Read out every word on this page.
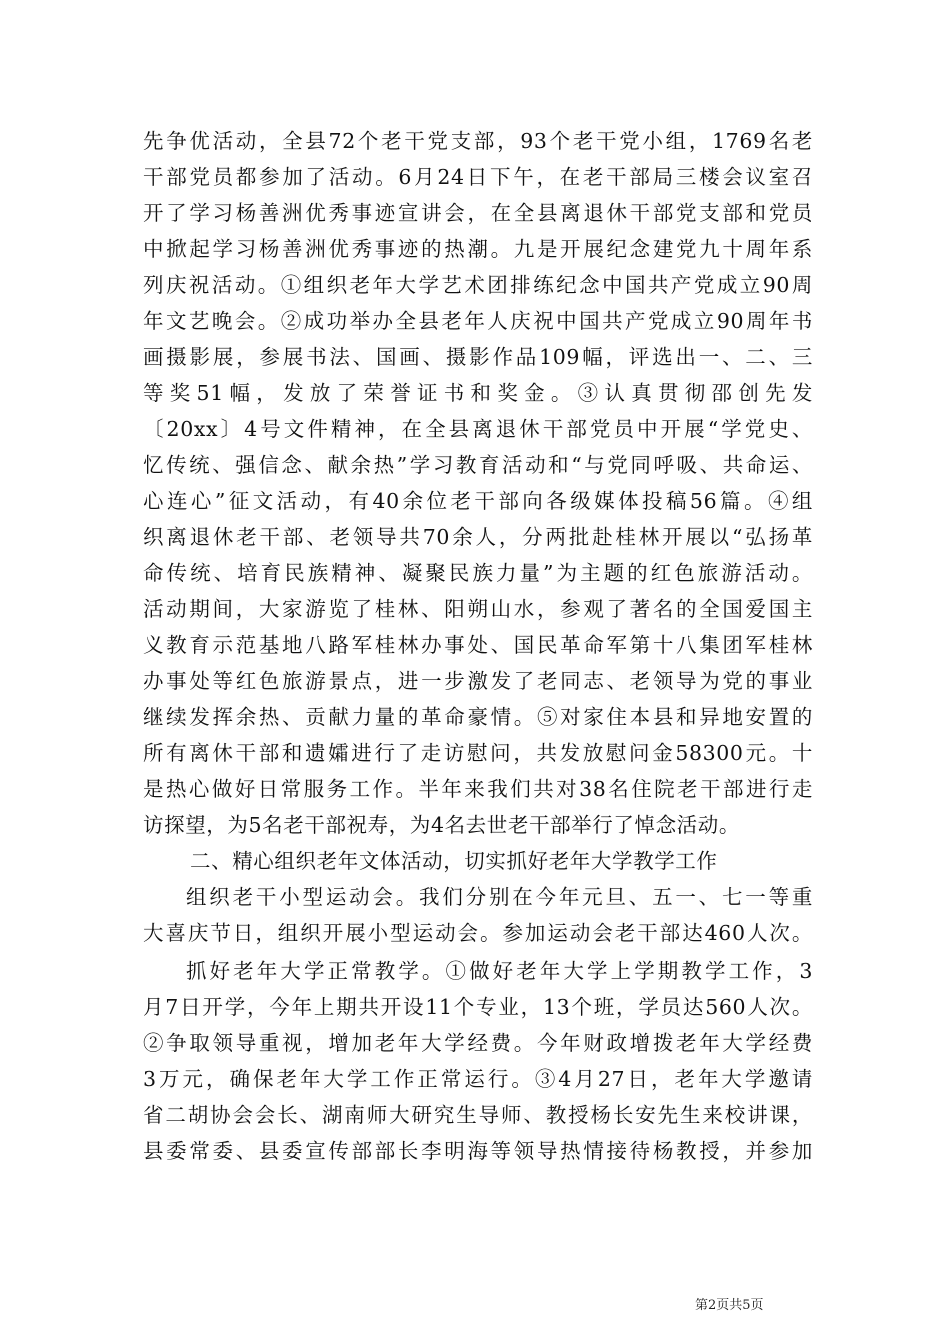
先争优活动，全县72个老干党支部，93个老干党小组，1769名老
干部党员都参加了活动。6月24日下午，在老干部局三楼会议室召
开了学习杨善洲优秀事迹宣讲会，在全县离退休干部党支部和党员
中掀起学习杨善洲优秀事迹的热潮。九是开展纪念建党九十周年系
列庆祝活动。①组织老年大学艺术团排练纪念中国共产党成立90周
年文艺晚会。②成功举办全县老年人庆祝中国共产党成立90周年书
画摄影展，参展书法、国画、摄影作品109幅，评选出一、二、三
等奖51幅，发放了荣誉证书和奖金。③认真贯彻邵创先发
〔20xx〕4号文件精神，在全县离退休干部党员中开展“学党史、
忆传统、强信念、献余热”学习教育活动和“与党同呼吸、共命运、
心连心”征文活动，有40余位老干部向各级媒体投稿56篇。④组
织离退休老干部、老领导共70余人，分两批赴桂林开展以“弘扬革
命传统、培育民族精神、凝聚民族力量”为主题的红色旅游活动。
活动期间，大家游览了桂林、阳朔山水，参观了著名的全国爱国主
义教育示范基地八路军桂林办事处、国民革命军第十八集团军桂林
办事处等红色旅游景点，进一步激发了老同志、老领导为党的事业
继续发挥余热、贡献力量的革命豪情。⑤对家住本县和异地安置的
所有离休干部和遗孀进行了走访慰问，共发放慰问金58300元。十
是热心做好日常服务工作。半年来我们共对38名住院老干部进行走
访探望，为5名老干部祝寿，为4名去世老干部举行了悼念活动。
二、精心组织老年文体活动，切实抓好老年大学教学工作
组织老干小型运动会。我们分别在今年元旦、五一、七一等重
大喜庆节日，组织开展小型运动会。参加运动会老干部达460人次。
抓好老年大学正常教学。①做好老年大学上学期教学工作，3
月7日开学，今年上期共开设11个专业，13个班，学员达560人次。
②争取领导重视，增加老年大学经费。今年财政增拨老年大学经费
3万元，确保老年大学工作正常运行。③4月27日，老年大学邀请
省二胡协会会长、湖南师大研究生导师、教授杨长安先生来校讲课，
县委常委、县委宣传部部长李明海等领导热情接待杨教授，并参加
第2页共5页
